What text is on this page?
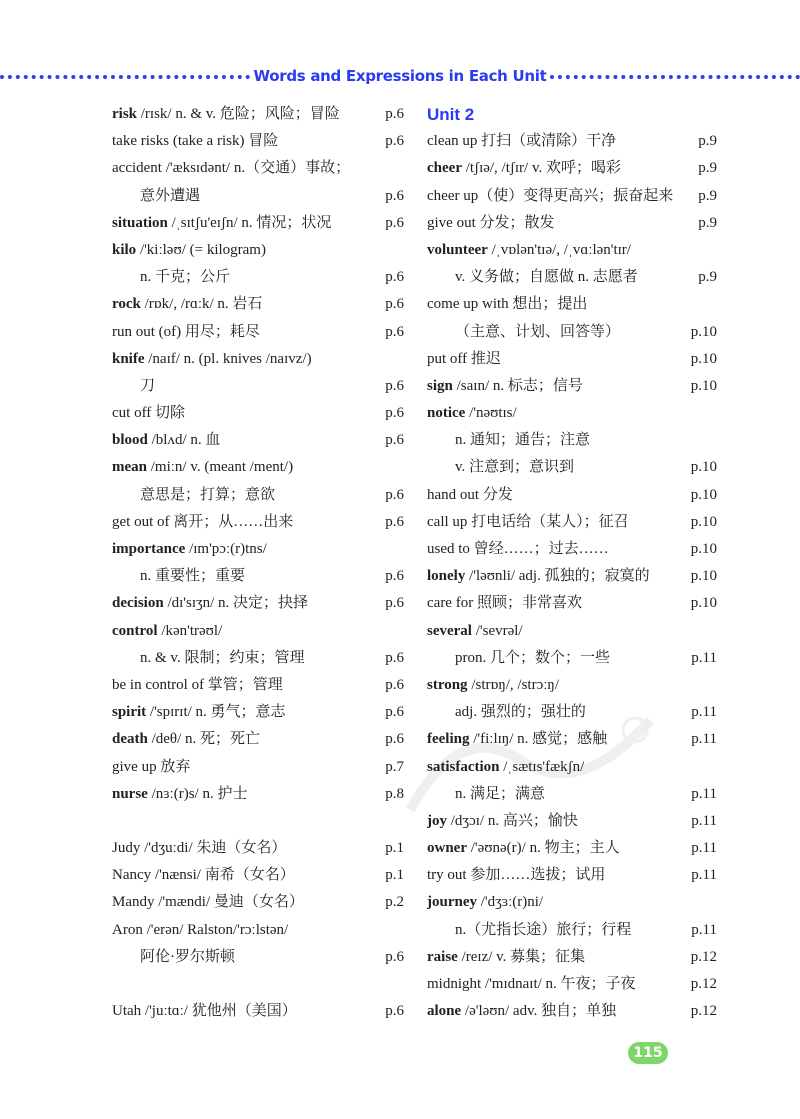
Words and Expressions in Each Unit
risk /rɪsk/ n. & v. 危险；风险；冒险	p.6
take risks (take a risk) 冒险	p.6
accident /'æksɪdənt/ n.（交通）事故；
意外遭遇	p.6
situation /ˌsɪtʃu'eɪʃn/ n. 情况；状况	p.6
kilo /'kiːləʊ/ (= kilogram)
n. 千克；公斤	p.6
rock /rɒk/, /rɑːk/ n. 岩石	p.6
run out (of) 用尽；耗尽	p.6
knife /naɪf/ n. (pl. knives /naɪvz/)
刀	p.6
cut off 切除	p.6
blood /blʌd/ n. 血	p.6
mean /miːn/ v. (meant /ment/)
意思是；打算；意欲	p.6
get out of 离开；从……出来	p.6
importance /ɪm'pɔː(r)tns/
n. 重要性；重要	p.6
decision /dɪ'sɪʒn/ n. 决定；抉择	p.6
control /kən'trəʊl/
n. & v. 限制；约束；管理	p.6
be in control of 掌管；管理	p.6
spirit /'spɪrɪt/ n. 勇气；意志	p.6
death /deθ/ n. 死；死亡	p.6
give up 放弃	p.7
nurse /nɜː(r)s/ n. 护士	p.8
Judy /'dʒuːdi/ 朱迪（女名）	p.1
Nancy /'nænsi/ 南希（女名）	p.1
Mandy /'mændi/ 曼迪（女名）	p.2
Aron /'erən/ Ralston/'rɔːlstən/
阿伦·罗尔斯顿	p.6
Utah /'juːtɑː/ 犹他州（美国）	p.6
Unit 2
clean up 打扫（或清除）干净	p.9
cheer /tʃɪə/, /tʃɪr/ v. 欢呼；喝彩	p.9
cheer up（使）变得更高兴；振奋起来	p.9
give out 分发；散发	p.9
volunteer /ˌvɒlən'tɪə/, /ˌvɑːlən'tɪr/
v. 义务做；自愿做 n. 志愿者	p.9
come up with 想出；提出
（主意、计划、回答等）	p.10
put off 推迟	p.10
sign /saɪn/ n. 标志；信号	p.10
notice /'nəʊtɪs/
n. 通知；通告；注意
v. 注意到；意识到	p.10
hand out 分发	p.10
call up 打电话给（某人）；征召	p.10
used to 曾经……；过去……	p.10
lonely /'ləʊnli/ adj. 孤独的；寂寞的	p.10
care for 照顾；非常喜欢	p.10
several /'sevrəl/
pron. 几个；数个；一些	p.11
strong /strɒŋ/, /strɔːŋ/
adj. 强烈的；强壮的	p.11
feeling /'fiːlɪŋ/ n. 感觉；感触	p.11
satisfaction /ˌsætɪs'fækʃn/
n. 满足；满意	p.11
joy /dʒɔɪ/ n. 高兴；愉快	p.11
owner /'əʊnə(r)/ n. 物主；主人	p.11
try out 参加……选拔；试用	p.11
journey /'dʒɜː(r)ni/
n.（尤指长途）旅行；行程	p.11
raise /reɪz/ v. 募集；征集	p.12
midnight /'mɪdnaɪt/ n. 午夜；子夜	p.12
alone /ə'ləʊn/ adv. 独自；单独	p.12
115
